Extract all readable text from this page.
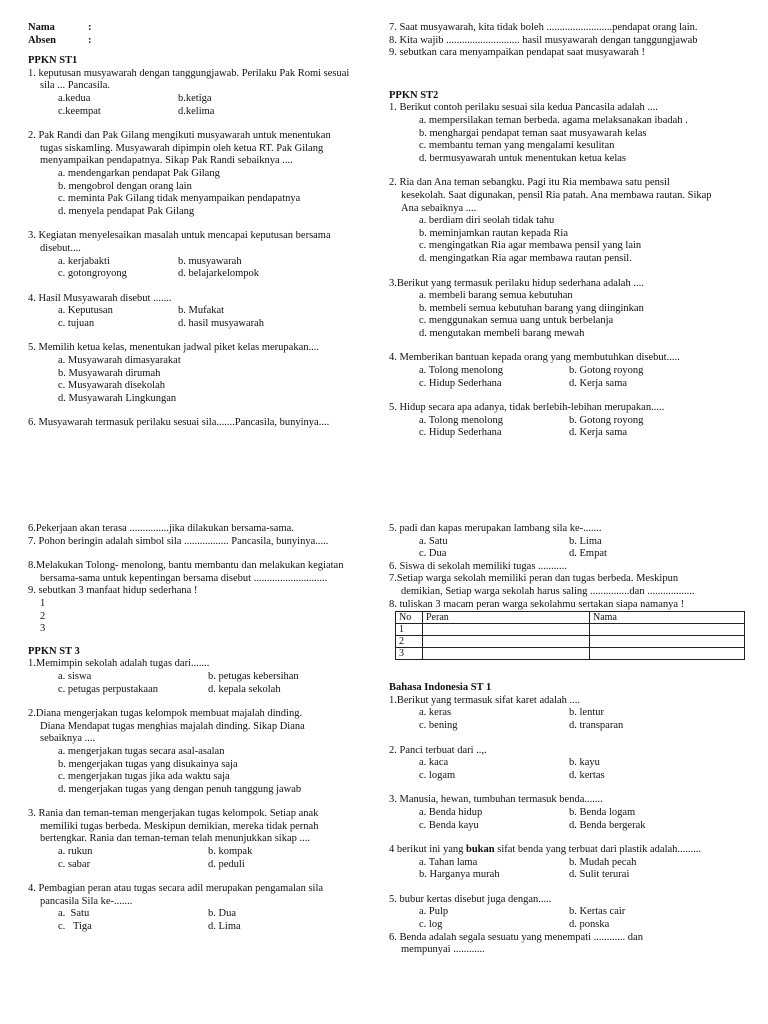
Nama	:
Absen	:
PPKN ST1
1. keputusan musyawarah dengan tanggungjawab. Perilaku Pak Romi sesuai
sila ... Pancasila.
a.kedua	b.ketiga
c.keempat	d.kelima
2. Pak Randi dan Pak Gilang mengikuti musyawarah untuk menentukan
tugas siskamling. Musyawarah dipimpin oleh ketua RT. Pak Gilang
menyampaikan pendapatnya. Sikap Pak Randi sebaiknya ....
a. mendengarkan pendapat Pak Gilang
b. mengobrol dengan orang lain
c. meminta Pak Gilang tidak menyampaikan pendapatnya
d. menyela pendapat Pak Gilang
3. Kegiatan menyelesaikan masalah untuk mencapai keputusan bersama
disebut....
a. kerjabakti	b. musyawarah
c. gotongroyong	d. belajarkelompok
4. Hasil Musyawarah disebut .......
a. Keputusan	b. Mufakat
c. tujuan	d. hasil musyawarah
5. Memilih ketua kelas, menentukan jadwal piket kelas merupakan....
a. Musyawarah dimasyarakat
b. Musyawarah dirumah
c. Musyawarah disekolah
d. Musyawarah Lingkungan
6. Musyawarah termasuk perilaku sesuai sila.......Pancasila, bunyinya....
7. Saat musyawarah, kita tidak boleh .........................pendapat orang lain.
8. Kita wajib ............................ hasil musyawarah dengan tanggungjawab
9. sebutkan cara menyampaikan pendapat saat musyawarah !
PPKN ST2
1. Berikut contoh perilaku sesuai sila kedua Pancasila adalah ....
a. mempersilakan teman berbeda. agama melaksanakan ibadah .
b. menghargai pendapat teman saat musyawarah kelas
c. membantu teman yang mengalami kesulitan
d. bermusyawarah untuk menentukan ketua kelas
2. Ria dan Ana teman sebangku. Pagi itu Ria membawa satu pensil
kesekolah. Saat digunakan, pensil Ria patah. Ana membawa rautan. Sikap
Ana sebaiknya ....
a. berdiam diri seolah tidak tahu
b. meminjamkan rautan kepada Ria
c. mengingatkan Ria agar membawa pensil yang lain
d. mengingatkan Ria agar membawa rautan pensil.
3.Berikut yang termasuk perilaku hidup sederhana adalah ....
a. membeli barang semua kebutuhan
b. membeli semua kebutuhan barang yang diinginkan
c. menggunakan semua uang untuk berbelanja
d. mengutakan membeli barang mewah
4. Memberikan bantuan kepada orang yang membutuhkan disebut.....
a. Tolong menolong	b. Gotong royong
c. Hidup Sederhana	d. Kerja sama
5. Hidup secara apa adanya, tidak berlebih-lebihan merupakan.....
a. Tolong menolong	b. Gotong royong
c. Hidup Sederhana	d. Kerja sama
6.Pekerjaan akan terasa ...............jika dilakukan bersama-sama.
7. Pohon beringin adalah simbol sila ................. Pancasila, bunyinya.....
8.Melakukan Tolong- menolong, bantu membantu dan melakukan kegiatan
bersama-sama untuk kepentingan bersama disebut ............................
9. sebutkan 3 manfaat hidup sederhana !
1
2
3
PPKN ST 3
1.Memimpin sekolah adalah tugas dari.......
a. siswa	b. petugas kebersihan
c. petugas perpustakaan	d. kepala sekolah
2.Diana mengerjakan tugas kelompok membuat majalah dinding.
Diana Mendapat tugas menghias majalah dinding. Sikap Diana
sebaiknya ....
a. mengerjakan tugas secara asal-asalan
b. mengerjakan tugas yang disukainya saja
c. mengerjakan tugas jika ada waktu saja
d. mengerjakan tugas yang dengan penuh tanggung jawab
3. Rania dan teman-teman mengerjakan tugas kelompok. Setiap anak
memiliki tugas berbeda. Meskipun demikian, mereka tidak pernah
bertengkar. Rania dan teman-teman telah menunjukkan sikap ....
a. rukun	b. kompak
c. sabar	d. peduli
4. Pembagian peran atau tugas secara adil merupakan pengamalan sila
pancasila Sila ke-.......
a.  Satu	b. Dua
c.   Tiga	d. Lima
5. padi dan kapas merupakan lambang sila ke-.......
a. Satu	b. Lima
c. Dua	d. Empat
6. Siswa di sekolah memiliki tugas ...........
7.Setiap warga sekolah memiliki peran dan tugas berbeda. Meskipun
demikian, Setiap warga sekolah harus saling ...............dan ..................
8. tuliskan 3 macam peran warga sekolahmu sertakan siapa namanya !
No	Peran	Nama
1		
2		
3		
Bahasa Indonesia ST 1
1.Berikut yang termasuk sifat karet adalah ....
a. keras	b. lentur
c. bening	d. transparan
2. Panci terbuat dari ..,.
a. kaca	b. kayu
c. logam	d. kertas
3. Manusia, hewan, tumbuhan termasuk benda.......
a. Benda hidup	b. Benda logam
c. Benda kayu	d. Benda bergerak
4 berikut ini yang bukan sifat benda yang terbuat dari plastik adalah.........
a. Tahan lama	b. Mudah pecah
b. Harganya murah	d. Sulit terurai
5. bubur kertas disebut juga dengan.....
a. Pulp	b. Kertas cair
c. log	d. ponska
6. Benda adalah segala sesuatu yang menempati ............ dan
mempunyai ............
